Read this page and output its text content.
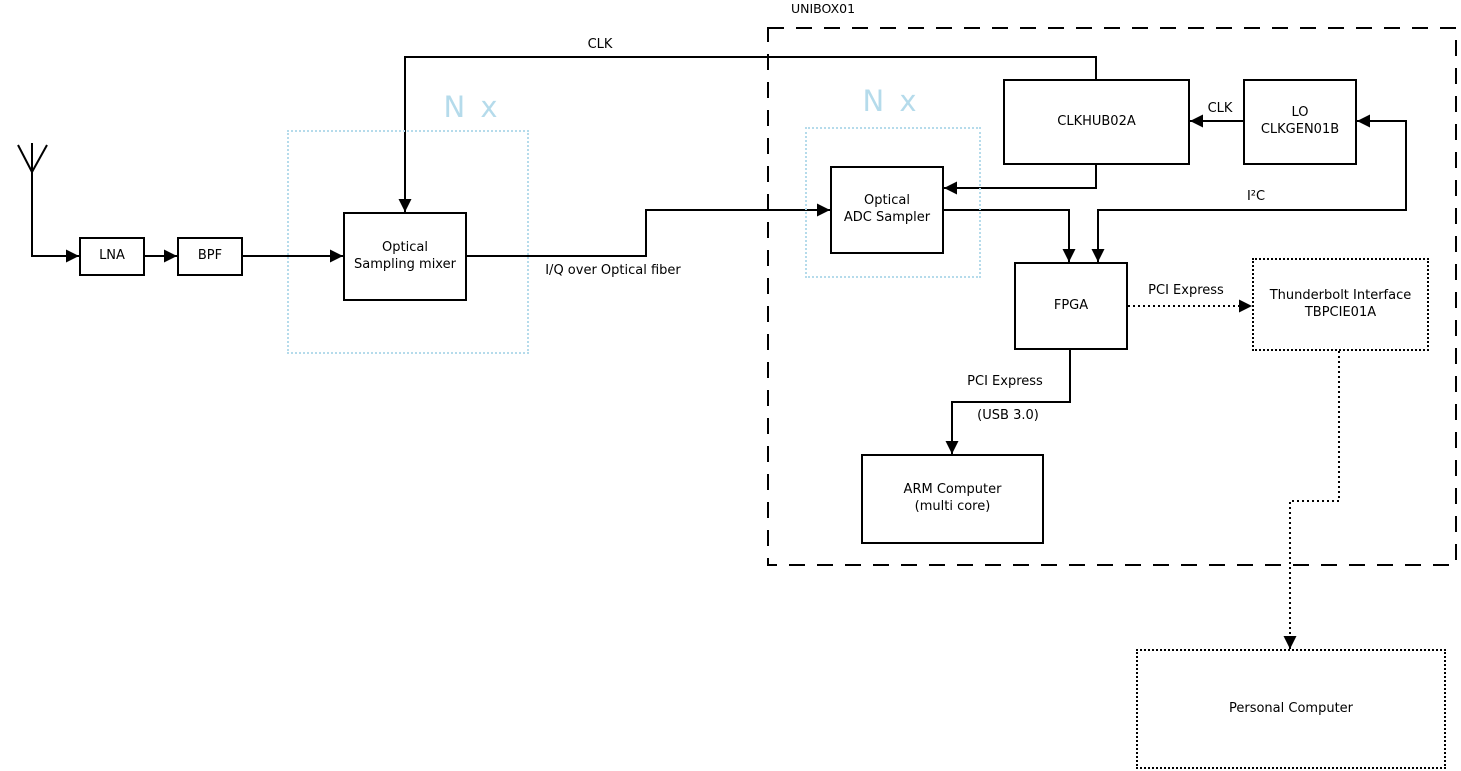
N x	N x
UNIBOX01
LNA	BPF
Optical
Sampling mixer
Optical
ADC Sampler
CLKHUB02A
LO
CLKGEN01B
FPGA
Thunderbolt Interface
TBPCIE01A
ARM Computer
(multi core)
Personal Computer
CLK
I/Q over Optical fiber
CLK
I²C
PCI Express
PCI Express
(USB 3.0)
